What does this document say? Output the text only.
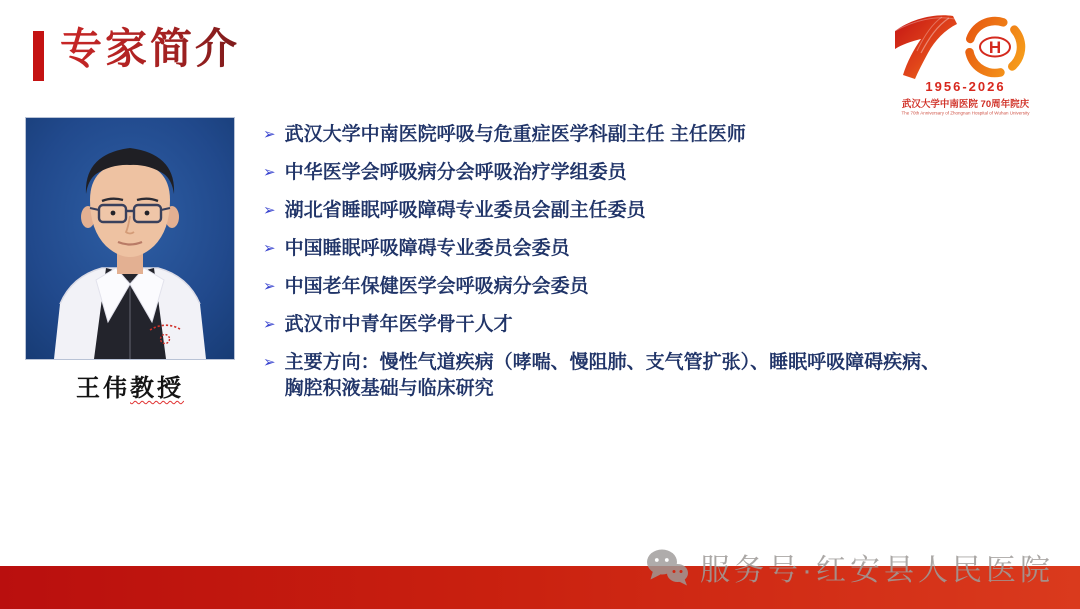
专家简介	H
1956-2026
武汉大学中南医院 70周年院庆
The 70th Anniversary of Zhongnan Hospital of Wuhan University
王伟教授
➢ 武汉大学中南医院呼吸与危重症医学科副主任 主任医师
➢ 中华医学会呼吸病分会呼吸治疗学组委员
➢ 湖北省睡眠呼吸障碍专业委员会副主任委员
➢ 中国睡眠呼吸障碍专业委员会委员
➢ 中国老年保健医学会呼吸病分会委员
➢ 武汉市中青年医学骨干人才
➢ 主要方向：慢性气道疾病（哮喘、慢阻肺、支气管扩张）、睡眠呼吸障碍疾病、胸腔积液基础与临床研究
服务号·红安县人民医院
